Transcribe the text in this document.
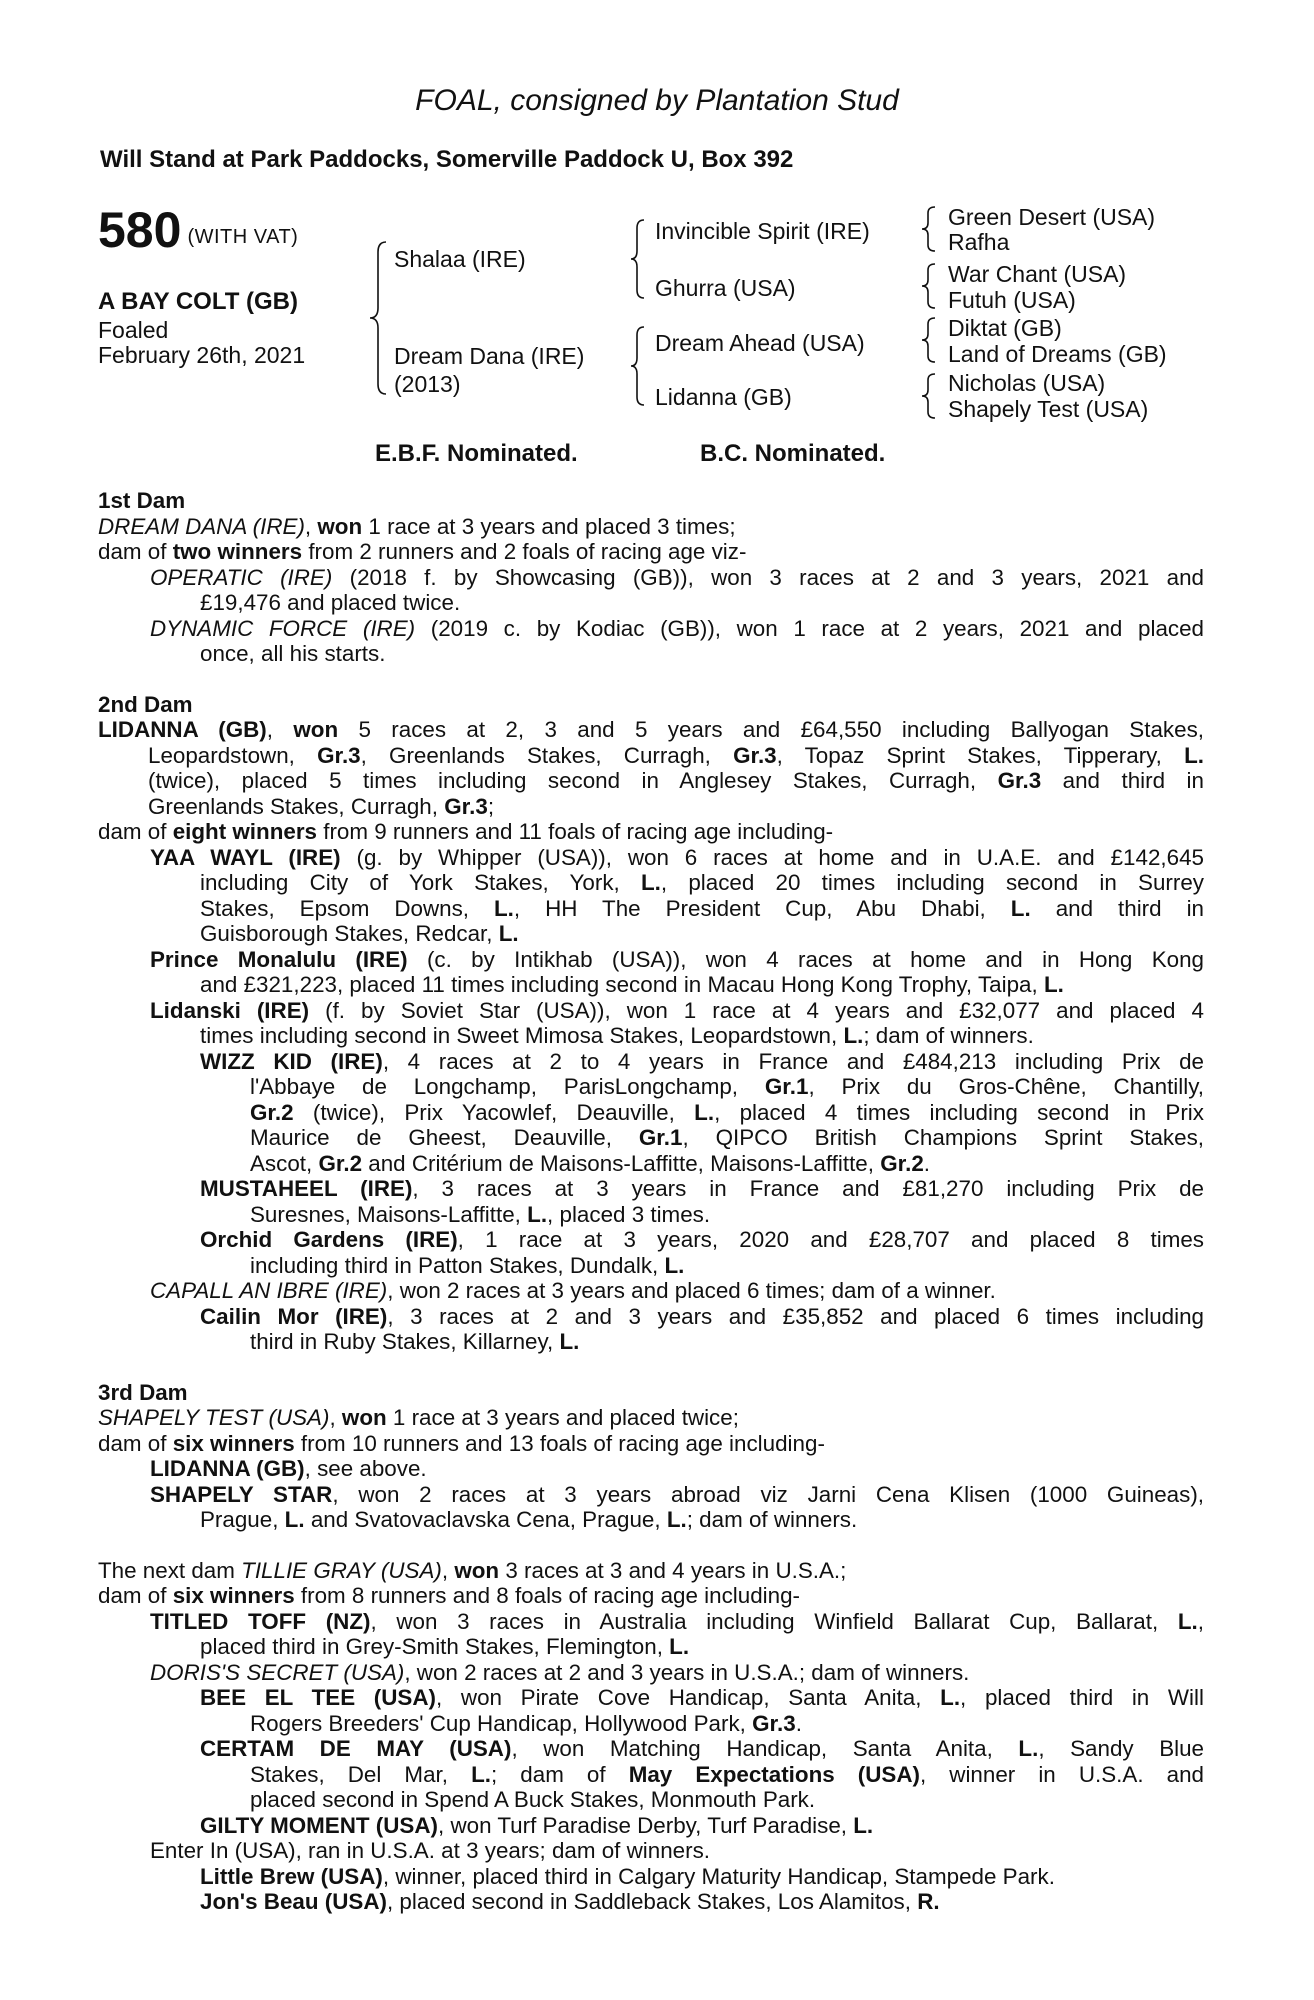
FOAL, consigned by Plantation Stud
Will Stand at Park Paddocks, Somerville Paddock U, Box 392
580 (WITH VAT)
A BAY COLT (GB)
Foaled
February 26th, 2021
Shalaa (IRE)
Dream Dana (IRE)
(2013)
Invincible Spirit (IRE)
Ghurra (USA)
Dream Ahead (USA)
Lidanna (GB)
Green Desert (USA)
Rafha
War Chant (USA)
Futuh (USA)
Diktat (GB)
Land of Dreams (GB)
Nicholas (USA)
Shapely Test (USA)
E.B.F. Nominated.	B.C. Nominated.
1st Dam
DREAM DANA (IRE), won 1 race at 3 years and placed 3 times;
dam of two winners from 2 runners and 2 foals of racing age viz-
OPERATIC (IRE) (2018 f. by Showcasing (GB)), won 3 races at 2 and 3 years, 2021 and
£19,476 and placed twice.
DYNAMIC FORCE (IRE) (2019 c. by Kodiac (GB)), won 1 race at 2 years, 2021 and placed
once, all his starts.
2nd Dam
LIDANNA (GB), won 5 races at 2, 3 and 5 years and £64,550 including Ballyogan Stakes,
Leopardstown, Gr.3, Greenlands Stakes, Curragh, Gr.3, Topaz Sprint Stakes, Tipperary, L.
(twice), placed 5 times including second in Anglesey Stakes, Curragh, Gr.3 and third in
Greenlands Stakes, Curragh, Gr.3;
dam of eight winners from 9 runners and 11 foals of racing age including-
YAA WAYL (IRE) (g. by Whipper (USA)), won 6 races at home and in U.A.E. and £142,645
including City of York Stakes, York, L., placed 20 times including second in Surrey
Stakes, Epsom Downs, L., HH The President Cup, Abu Dhabi, L. and third in
Guisborough Stakes, Redcar, L.
Prince Monalulu (IRE) (c. by Intikhab (USA)), won 4 races at home and in Hong Kong
and £321,223, placed 11 times including second in Macau Hong Kong Trophy, Taipa, L.
Lidanski (IRE) (f. by Soviet Star (USA)), won 1 race at 4 years and £32,077 and placed 4
times including second in Sweet Mimosa Stakes, Leopardstown, L.; dam of winners.
WIZZ KID (IRE), 4 races at 2 to 4 years in France and £484,213 including Prix de
l'Abbaye de Longchamp, ParisLongchamp, Gr.1, Prix du Gros-Chêne, Chantilly,
Gr.2 (twice), Prix Yacowlef, Deauville, L., placed 4 times including second in Prix
Maurice de Gheest, Deauville, Gr.1, QIPCO British Champions Sprint Stakes,
Ascot, Gr.2 and Critérium de Maisons-Laffitte, Maisons-Laffitte, Gr.2.
MUSTAHEEL (IRE), 3 races at 3 years in France and £81,270 including Prix de
Suresnes, Maisons-Laffitte, L., placed 3 times.
Orchid Gardens (IRE), 1 race at 3 years, 2020 and £28,707 and placed 8 times
including third in Patton Stakes, Dundalk, L.
CAPALL AN IBRE (IRE), won 2 races at 3 years and placed 6 times; dam of a winner.
Cailin Mor (IRE), 3 races at 2 and 3 years and £35,852 and placed 6 times including
third in Ruby Stakes, Killarney, L.
3rd Dam
SHAPELY TEST (USA), won 1 race at 3 years and placed twice;
dam of six winners from 10 runners and 13 foals of racing age including-
LIDANNA (GB), see above.
SHAPELY STAR, won 2 races at 3 years abroad viz Jarni Cena Klisen (1000 Guineas),
Prague, L. and Svatovaclavska Cena, Prague, L.; dam of winners.
The next dam TILLIE GRAY (USA), won 3 races at 3 and 4 years in U.S.A.;
dam of six winners from 8 runners and 8 foals of racing age including-
TITLED TOFF (NZ), won 3 races in Australia including Winfield Ballarat Cup, Ballarat, L.,
placed third in Grey-Smith Stakes, Flemington, L.
DORIS'S SECRET (USA), won 2 races at 2 and 3 years in U.S.A.; dam of winners.
BEE EL TEE (USA), won Pirate Cove Handicap, Santa Anita, L., placed third in Will
Rogers Breeders' Cup Handicap, Hollywood Park, Gr.3.
CERTAM DE MAY (USA), won Matching Handicap, Santa Anita, L., Sandy Blue
Stakes, Del Mar, L.; dam of May Expectations (USA), winner in U.S.A. and
placed second in Spend A Buck Stakes, Monmouth Park.
GILTY MOMENT (USA), won Turf Paradise Derby, Turf Paradise, L.
Enter In (USA), ran in U.S.A. at 3 years; dam of winners.
Little Brew (USA), winner, placed third in Calgary Maturity Handicap, Stampede Park.
Jon's Beau (USA), placed second in Saddleback Stakes, Los Alamitos, R.
